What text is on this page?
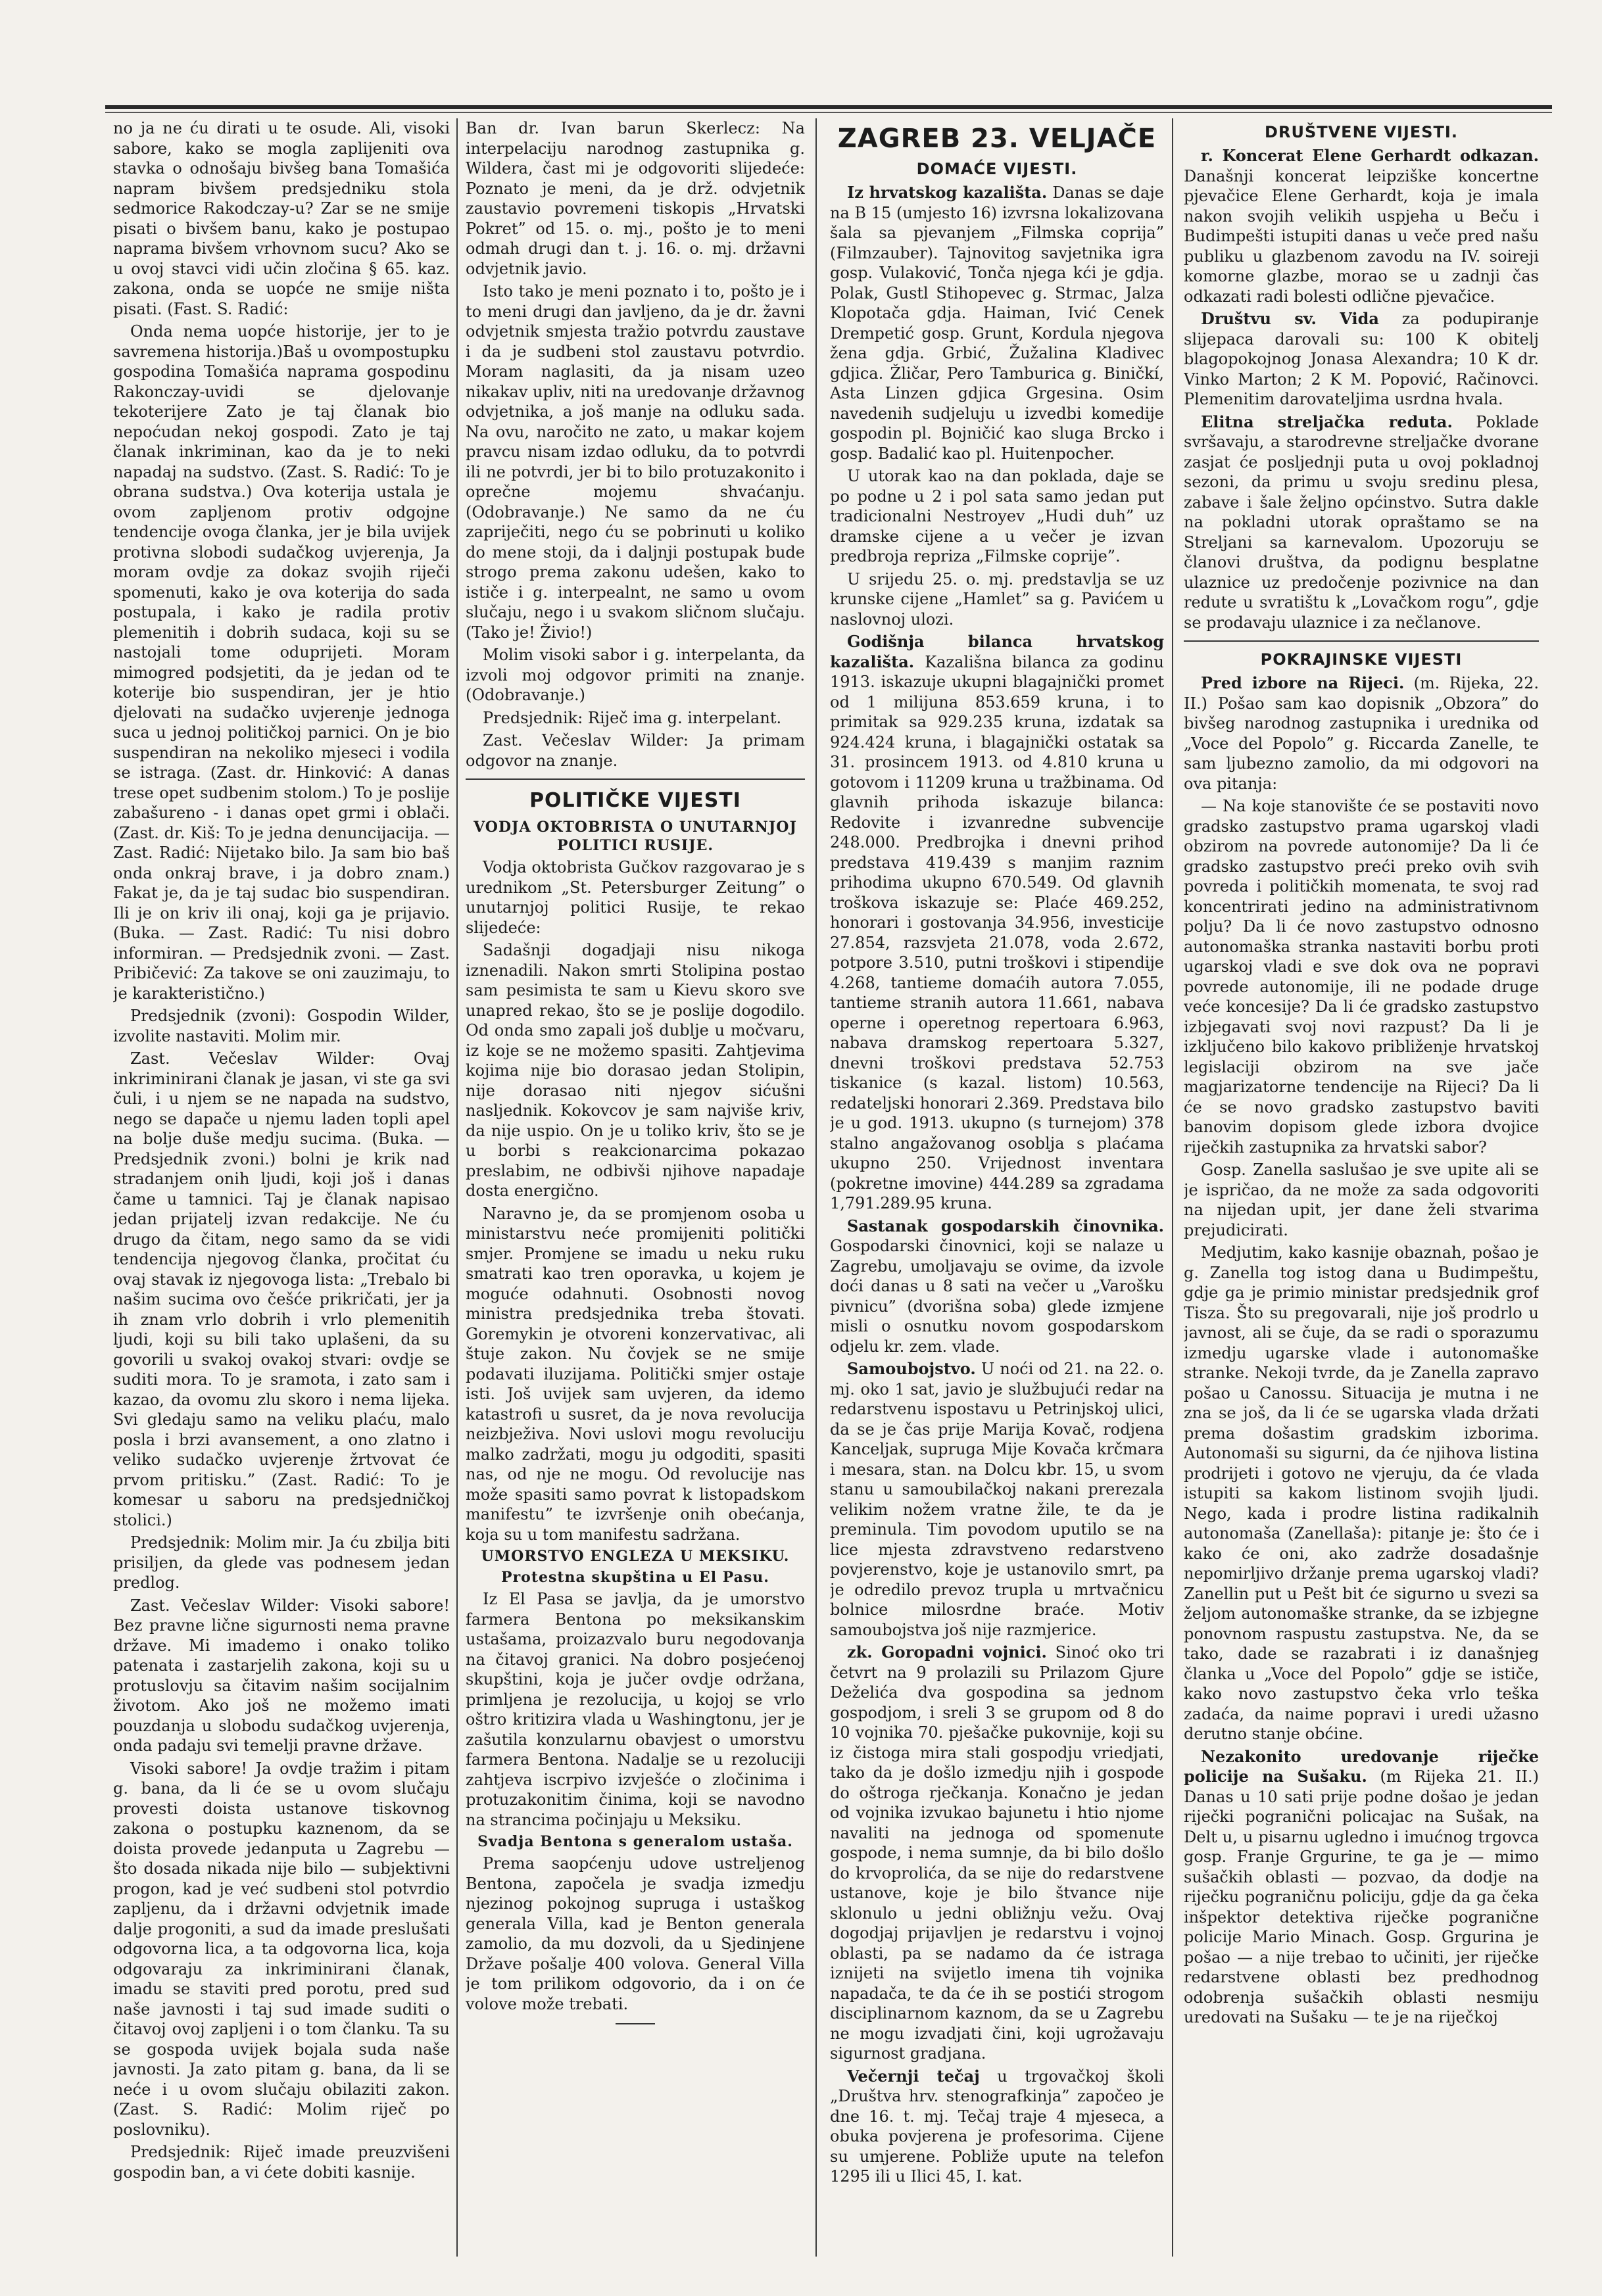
no ja ne ću dirati u te osude. Ali, visoki sabore, kako se mogla zaplijeniti ova stavka o odnošaju bivšeg bana Tomašića napram bivšem predsjedniku stola sedmorice Rakodczay-u? Zar se ne smije pisati o bivšem banu, kako je postupao naprama bivšem vrhovnom sucu? Ako se u ovoj stavci vidi učin zločina § 65. kaz. zakona, onda se uopće ne smije ništa pisati. (Fast. S. Radić:

Onda nema uopće historije, jer to je savremena historija.)Baš u ovompostupku gospodina Tomašića naprama gospodinu Rakonczay-uvidi se djelovanje tekoterijere Zato je taj članak bio nepoćudan nekoj gospodi. Zato je taj članak inkriminan, kao da je to neki napadaj na sudstvo. (Zast. S. Radić: To je obrana sudstva.) Ova koterija ustala je ovom zapljenom protiv odgojne tendencije ovoga članka, jer je bila uvijek protivna slobodi sudačkog uvjerenja, Ja moram ovdje za dokaz svojih riječi spomenuti, kako je ova koterija do sada postupala, i kako je radila protiv plemenitih i dobrih sudaca, koji su se nastojali tome oduprijeti. Moram mimogred podsjetiti, da je jedan od te koterije bio suspendiran, jer je htio djelovati na sudačko uvjerenje jednoga suca u jednoj političkoj parnici. On je bio suspendiran na nekoliko mjeseci i vodila se istraga. (Zast. dr. Hinković: A danas trese opet sudbenim stolom.) To je poslije zabašureno - i danas opet grmi i oblači. (Zast. dr. Kiš: To je jedna denuncijacija. — Zast. Radić: Nijetako bilo. Ja sam bio baš onda onkraj brave, i ja dobro znam.) Fakat je, da je taj sudac bio suspendiran. Ili je on kriv ili onaj, koji ga je prijavio. (Buka. — Zast. Radić: Tu nisi dobro informiran. — Predsjednik zvoni. — Zast. Pribičević: Za takove se oni zauzimaju, to je karakteristično.)

Predsjednik (zvoni): Gospodin Wilder, izvolite nastaviti. Molim mir.

Zast. Večeslav Wilder: Ovaj inkriminirani članak je jasan, vi ste ga svi čuli, i u njem se ne napada na sudstvo, nego se dapače u njemu laden topli apel na bolje duše medju sucima. (Buka. — Predsjednik zvoni.) bolni je krik nad stradanjem onih ljudi, koji još i danas čame u tamnici. Taj je članak napisao jedan prijatelj izvan redakcije. Ne ću drugo da čitam, nego samo da se vidi tendencija njegovog članka, pročitat ću ovaj stavak iz njegovoga lista: „Trebalo bi našim sucima ovo češće prikričati, jer ja ih znam vrlo dobrih i vrlo plemenitih ljudi, koji su bili tako uplašeni, da su govorili u svakoj ovakoj stvari: ovdje se suditi mora. To je sramota, i zato sam i kazao, da ovomu zlu skoro i nema lijeka. Svi gledaju samo na veliku plaću, malo posla i brzi avansement, a ono zlatno i veliko sudačko uvjerenje žrtvovat će prvom pritisku.” (Zast. Radić: To je komesar u saboru na predsjedničkoj stolici.)

Predsjednik: Molim mir. Ja ću zbilja biti prisiljen, da glede vas podnesem jedan predlog.

Zast. Večeslav Wilder: Visoki sabore! Bez pravne lične sigurnosti nema pravne države. Mi imademo i onako toliko patenata i zastarjelih zakona, koji su u protuslovju sa čitavim našim socijalnim životom. Ako još ne možemo imati pouzdanja u slobodu sudačkog uvjerenja, onda padaju svi temelji pravne države.

Visoki sabore! Ja ovdje tražim i pitam g. bana, da li će se u ovom slučaju provesti doista ustanove tiskovnog zakona o postupku kaznenom, da se doista provede jedanputa u Zagrebu — što dosada nikada nije bilo — subjektivni progon, kad je već sudbeni stol potvrdio zapljenu, da i državni odvjetnik imade dalje progoniti, a sud da imade preslušati odgovorna lica, a ta odgovorna lica, koja odgovaraju za inkriminirani članak, imadu se staviti pred porotu, pred sud naše javnosti i taj sud imade suditi o čitavoj ovoj zapljeni i o tom članku. Ta su se gospoda uvijek bojala suda naše javnosti. Ja zato pitam g. bana, da li se neće i u ovom slučaju obilaziti zakon. (Zast. S. Radić: Molim riječ po poslovniku).

Predsjednik: Riječ imade preuzvišeni gospodin ban, a vi ćete dobiti kasnije.

Ban dr. Ivan barun Skerlecz: Na interpelaciju narodnog zastupnika g. Wildera, čast mi je odgovoriti slijedeće: Poznato je meni, da je drž. odvjetnik zaustavio povremeni tiskopis „Hrvatski Pokret” od 15. o. mj., pošto je to meni odmah drugi dan t. j. 16. o. mj. državni odvjetnik javio.

Isto tako je meni poznato i to, pošto je i to meni drugi dan javljeno, da je dr. žavni odvjetnik smjesta tražio potvrdu zaustave i da je sudbeni stol zaustavu potvrdio. Moram naglasiti, da ja nisam uzeo nikakav upliv, niti na uredovanje državnog odvjetnika, a još manje na odluku sada. Na ovu, naročito ne zato, u makar kojem pravcu nisam izdao odluku, da to potvrdi ili ne potvrdi, jer bi to bilo protuzakonito i oprečne mojemu shvaćanju. (Odobravanje.) Ne samo da ne ću zapriječiti, nego ću se pobrinuti u koliko do mene stoji, da i daljnji postupak bude strogo prema zakonu udešen, kako to ističe i g. interpealnt, ne samo u ovom slučaju, nego i u svakom sličnom slučaju. (Tako je! Živio!)

Molim visoki sabor i g. interpelanta, da izvoli moj odgovor primiti na znanje. (Odobravanje.)

Predsjednik: Riječ ima g. interpelant.

Zast. Večeslav Wilder: Ja primam odgovor na znanje.

POLITIČKE VIJESTI
VODJA OKTOBRISTA O UNUTARNJOJ POLITICI RUSIJE.

Vodja oktobrista Gučkov razgovarao je s urednikom „St. Petersburger Zeitung” o unutarnjoj politici Rusije, te rekao slijedeće:

Sadašnji dogadjaji nisu nikoga iznenadili. Nakon smrti Stolipina postao sam pesimista te sam u Kievu skoro sve unapred rekao, što se je poslije dogodilo. Od onda smo zapali još dublje u močvaru, iz koje se ne možemo spasiti. Zahtjevima kojima nije bio dorasao jedan Stolipin, nije dorasao niti njegov sićušni nasljednik. Kokovcov je sam najviše kriv, da nije uspio. On je u toliko kriv, što se je u borbi s reakcionarcima pokazao preslabim, ne odbivši njihove napadaje dosta energično.

Naravno je, da se promjenom osoba u ministarstvu neće promijeniti politički smjer. Promjene se imadu u neku ruku smatrati kao tren oporavka, u kojem je moguće odahnuti. Osobnosti novog ministra predsjednika treba štovati. Goremykin je otvoreni konzervativac, ali štuje zakon. Nu čovjek se ne smije podavati iluzijama. Politički smjer ostaje isti. Još uvijek sam uvjeren, da idemo katastrofi u susret, da je nova revolucija neizbježiva. Novi uslovi mogu revoluciju malko zadržati, mogu ju odgoditi, spasiti nas, od nje ne mogu. Od revolucije nas može spasiti samo povrat k listopadskom manifestu” te izvršenje onih obećanja, koja su u tom manifestu sadržana.

UMORSTVO ENGLEZA U MEKSIKU.
Protestna skupština u El Pasu.

Iz El Pasa se javlja, da je umorstvo farmera Bentona po meksikanskim ustašama, proizazvalo buru negodovanja na čitavoj granici. Na dobro posjećenoj skupštini, koja je jučer ovdje održana, primljena je rezolucija, u kojoj se vrlo oštro kritizira vlada u Washingtonu, jer je zašutila konzularnu obavjest o umorstvu farmera Bentona. Nadalje se u rezoluciji zahtjeva iscrpivo izvješće o zločinima i protuzakonitim činima, koji se navodno na strancima počinjaju u Meksiku.

Svadja Bentona s generalom ustaša.

Prema saopćenju udove ustreljenog Bentona, započela je svadja izmedju njezinog pokojnog supruga i ustaškog generala Villa, kad je Benton generala zamolio, da mu dozvoli, da u Sjedinjene Države pošalje 400 volova. General Villa je tom prilikom odgovorio, da i on će volove može trebati.

ZAGREB 23. VELJAČE
DOMAĆE VIJESTI.

Iz hrvatskog kazališta. Danas se daje na B 15 (umjesto 16) izvrsna lokalizovana šala sa pjevanjem „Filmska coprija” (Filmzauber). Tajnovitog savjetnika igra gosp. Vulaković, Tonča njega kći je gdja. Polak, Gustl Stihopevec g. Strmac, Jalza Klopotača gdja. Haiman, Ivić Cenek Drempetić gosp. Grunt, Kordula njegova žena gdja. Grbić, Žužalina Kladivec gdjica. Žličar, Pero Tamburica g. Biničkí, Asta Linzen gdjica Grgesina. Osim navedenih sudjeluju u izvedbi komedije gospodin pl. Bojničić kao sluga Brcko i gosp. Badalić kao pl. Huitenpocher.

U utorak kao na dan poklada, daje se po podne u 2 i pol sata samo jedan put tradicionalni Nestroyev „Hudi duh” uz dramske cijene a u večer je izvan predbroja repriza „Filmske coprije”.

U srijedu 25. o. mj. predstavlja se uz krunske cijene „Hamlet” sa g. Pavićem u naslovnoj ulozi.

Godišnja bilanca hrvatskog kazališta. Kazališna bilanca za godinu 1913. iskazuje ukupni blagajnički promet od 1 milijuna 853.659 kruna, i to primitak sa 929.235 kruna, izdatak sa 924.424 kruna, i blagajnički ostatak sa 31. prosincem 1913. od 4.810 kruna u gotovom i 11209 kruna u tražbinama. Od glavnih prihoda iskazuje bilanca: Redovite i izvanredne subvencije 248.000. Predbrojka i dnevni prihod predstava 419.439 s manjim raznim prihodima ukupno 670.549. Od glavnih troškova iskazuje se: Plaće 469.252, honorari i gostovanja 34.956, investicije 27.854, razsvjeta 21.078, voda 2.672, potpore 3.510, putni troškovi i stipendije 4.268, tantieme domaćih autora 7.055, tantieme stranih autora 11.661, nabava operne i operetnog repertoara 6.963, nabava dramskog repertoara 5.327, dnevni troškovi predstava 52.753 tiskanice (s kazal. listom) 10.563, redateljski honorari 2.369. Predstava bilo je u god. 1913. ukupno (s turnejom) 378 stalno angažovanog osoblja s plaćama ukupno 250. Vrijednost inventara (pokretne imovine) 444.289 sa zgradama 1,791.289.95 kruna.

Sastanak gospodarskih činovnika. Gospodarski činovnici, koji se nalaze u Zagrebu, umoljavaju se ovime, da izvole doći danas u 8 sati na večer u „Varošku pivnicu” (dvorišna soba) glede izmjene misli o osnutku novom gospodarskom odjelu kr. zem. vlade.

Samoubojstvo. U noći od 21. na 22. o. mj. oko 1 sat, javio je službujući redar na redarstvenu ispostavu u Petrinjskoj ulici, da se je čas prije Marija Kovač, rodjena Kanceljak, supruga Mije Kovača krčmara i mesara, stan. na Dolcu kbr. 15, u svom stanu u samoubilačkoj nakani prerezala velikim nožem vratne žile, te da je preminula. Tim povodom uputilo se na lice mjesta zdravstveno redarstveno povjerenstvo, koje je ustanovilo smrt, pa je odredilo prevoz trupla u mrtvačnicu bolnice milosrdne braće. Motiv samoubojstva još nije razmjerice.

zk. Goropadni vojnici. Sinoć oko tri četvrt na 9 prolazili su Prilazom Gjure Deželića dva gospodina sa jednom gospodjom, i sreli 3 se grupom od 8 do 10 vojnika 70. pješačke pukovnije, koji su iz čistoga mira stali gospodju vriedjati, tako da je došlo izmedju njih i gospode do oštroga rječkanja. Konačno je jedan od vojnika izvukao bajunetu i htio njome navaliti na jednoga od spomenute gospode, i nema sumnje, da bi bilo došlo do krvoprolića, da se nije do redarstvene ustanove, koje je bilo štvance nije sklonulo u jedni obližnju vežu. Ovaj dogodjaj prijavljen je redarstvu i vojnoj oblasti, pa se nadamo da će istraga iznijeti na svijetlo imena tih vojnika napadača, te da će ih se postići strogom disciplinarnom kaznom, da se u Zagrebu ne mogu izvadjati čini, koji ugrožavaju sigurnost gradjana.

Večernji tečaj u trgovačkoj školi „Društva hrv. stenografkinja” započeo je dne 16. t. mj. Tečaj traje 4 mjeseca, a obuka povjerena je profesorima. Cijene su umjerene. Pobliže upute na telefon 1295 ili u Ilici 45, I. kat.

DRUŠTVENE VIJESTI.

r. Koncerat Elene Gerhardt odkazan. Današnji koncerat leipziške koncertne pjevačice Elene Gerhardt, koja je imala nakon svojih velikih uspjeha u Beču i Budimpešti istupiti danas u veče pred našu publiku u glazbenom zavodu na IV. soireji komorne glazbe, morao se u zadnji čas odkazati radi bolesti odlične pjevačice.

Društvu sv. Vida za podupiranje slijepaca darovali su: 100 K obitelj blagopokojnog Jonasa Alexandra; 10 K dr. Vinko Marton; 2 K M. Popović, Račinovci. Plemenitim darovateljima usrdna hvala.

Elitna streljačka reduta. Poklade svršavaju, a starodrevne streljačke dvorane zasjat će posljednji puta u ovoj pokladnoj sezoni, da primu u svoju sredinu plesa, zabave i šale željno općinstvo. Sutra dakle na pokladni utorak opraštamo se na Streljani sa karnevalom. Upozoruju se članovi društva, da podignu besplatne ulaznice uz predočenje pozivnice na dan redute u svratištu k „Lovačkom rogu”, gdje se prodavaju ulaznice i za nečlanove.

POKRAJINSKE VIJESTI

Pred izbore na Rijeci. (m. Rijeka, 22. II.) Pošao sam kao dopisnik „Obzora” do bivšeg narodnog zastupnika i urednika od „Voce del Popolo” g. Riccarda Zanelle, te sam ljubezno zamolio, da mi odgovori na ova pitanja:

— Na koje stanovište će se postaviti novo gradsko zastupstvo prama ugarskoj vladi obzirom na povrede autonomije? Da li će gradsko zastupstvo preći preko ovih svih povreda i političkih momenata, te svoj rad koncentrirati jedino na administrativnom polju? Da li će novo zastupstvo odnosno autonomaška stranka nastaviti borbu proti ugarskoj vladi e sve dok ova ne popravi povrede autonomije, ili ne podade druge veće koncesije? Da li će gradsko zastupstvo izbjegavati svoj novi razpust? Da li je izključeno bilo kakovo približenje hrvatskoj legislaciji obzirom na sve jače magjarizatorne tendencije na Rijeci? Da li će se novo gradsko zastupstvo baviti banovim dopisom glede izbora dvojice riječkih zastupnika za hrvatski sabor?

Gosp. Zanella saslušao je sve upite ali se je ispričao, da ne može za sada odgovoriti na nijedan upit, jer dane želi stvarima prejudicirati.

Medjutim, kako kasnije obaznah, pošao je g. Zanella tog istog dana u Budimpeštu, gdje ga je primio ministar predsjednik grof Tisza. Što su pregovarali, nije još prodrlo u javnost, ali se čuje, da se radi o sporazumu izmedju ugarske vlade i autonomaške stranke. Nekoji tvrde, da je Zanella zapravo pošao u Canossu. Situacija je mutna i ne zna se još, da li će se ugarska vlada držati prema došastim gradskim izborima. Autonomaši su sigurni, da će njihova listina prodrijeti i gotovo ne vjeruju, da će vlada istupiti sa kakom listinom svojih ljudi. Nego, kada i prodre listina radikalnih autonomaša (Zanellaša): pitanje je: što će i kako će oni, ako zadrže dosadašnje nepomirljivo držanje prema ugarskoj vladi? Zanellin put u Pešt bit će sigurno u svezi sa željom autonomaške stranke, da se izbjegne ponovnom raspustu zastupstva. Ne, da se tako, dade se razabrati i iz današnjeg članka u „Voce del Popolo” gdje se ističe, kako novo zastupstvo čeka vrlo teška zadaća, da naime popravi i uredi užasno derutno stanje obćine.

Nezakonito uredovanje riječke policije na Sušaku. (m Rijeka 21. II.) Danas u 10 sati prije podne došao je jedan riječki pogranični policajac na Sušak, na Delt u, u pisarnu ugledno i imućnog trgovca gosp. Franje Grgurine, te ga je — mimo sušačkih oblasti — pozvao, da dodje na riječku pograničnu policiju, gdje da ga čeka inšpektor detektiva riječke pogranične policije Mario Minach. Gosp. Grgurina je pošao — a nije trebao to učiniti, jer riječke redarstvene oblasti bez predhodnog odobrenja sušačkih oblasti nesmiju uredovati na Sušaku — te je na riječkoj
